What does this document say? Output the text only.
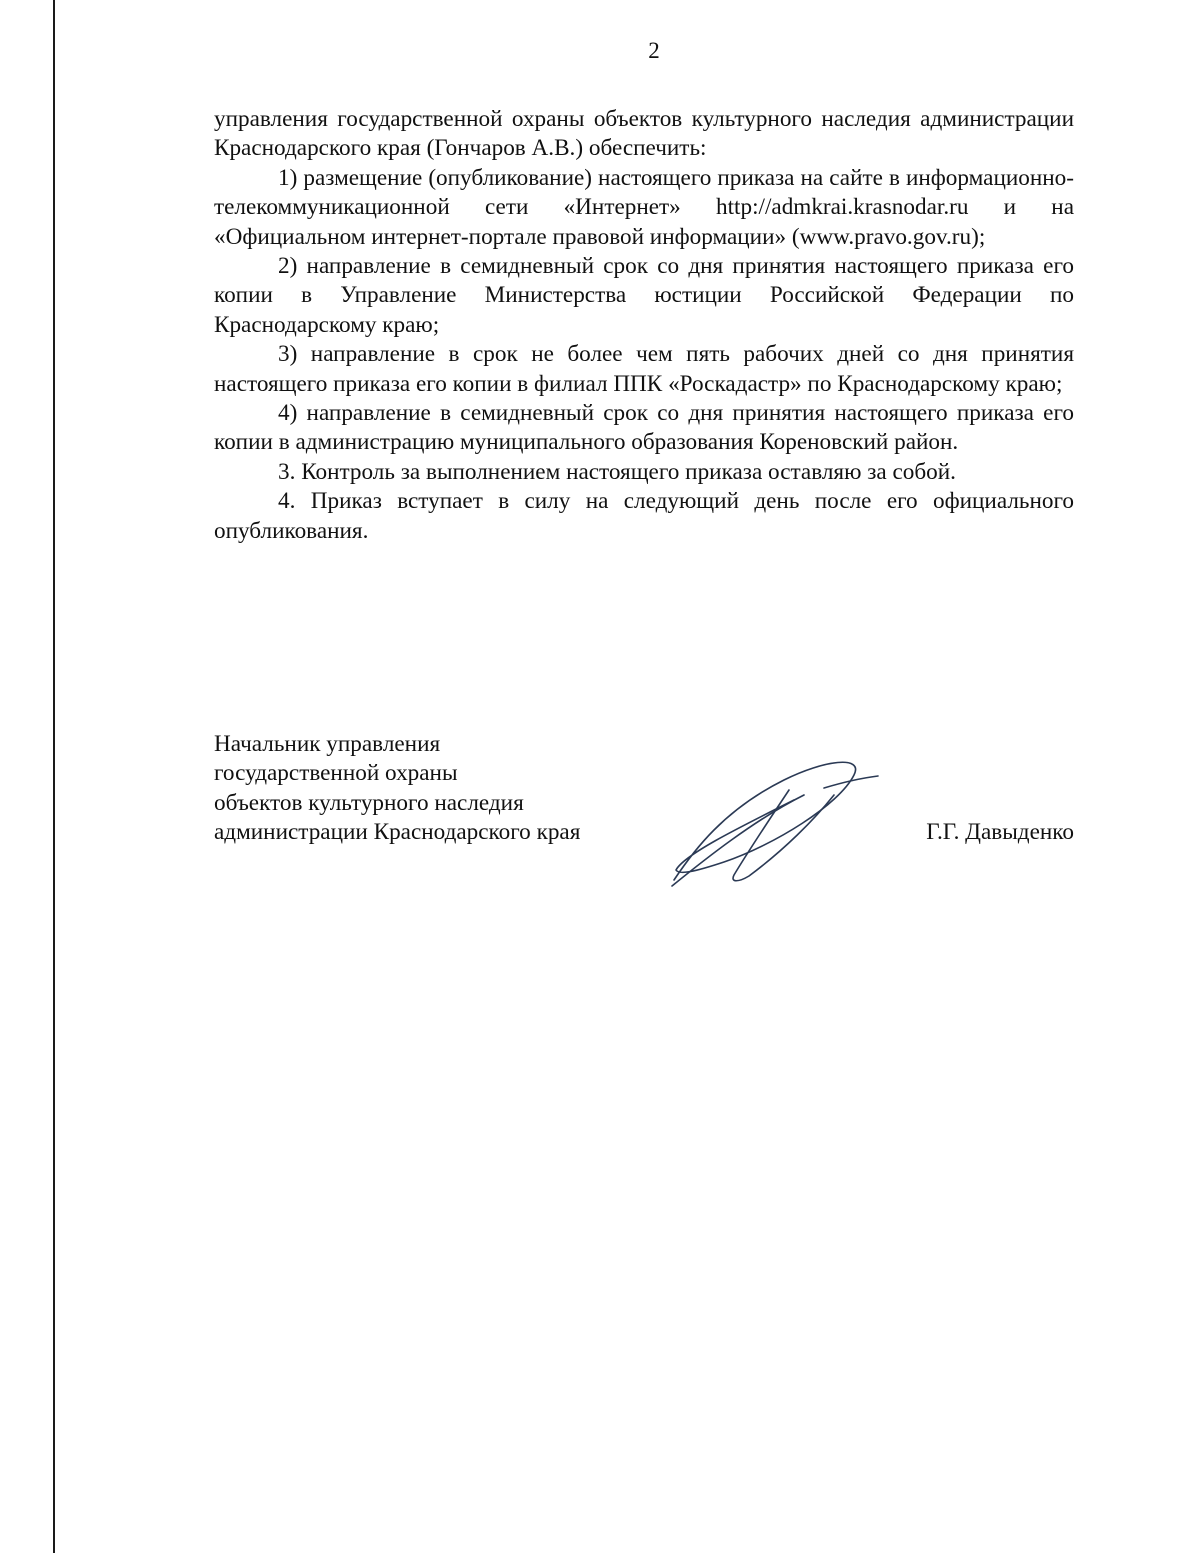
2

управления государственной охраны объектов культурного наследия администрации Краснодарского края (Гончаров А.В.) обеспечить:

1) размещение (опубликование) настоящего приказа на сайте в информационно-телекоммуникационной сети «Интернет» http://admkrai.krasnodar.ru и на «Официальном интернет-портале правовой информации» (www.pravo.gov.ru);

2) направление в семидневный срок со дня принятия настоящего приказа его копии в Управление Министерства юстиции Российской Федерации по Краснодарскому краю;

3) направление в срок не более чем пять рабочих дней со дня принятия настоящего приказа его копии в филиал ППК «Роскадастр» по Краснодарскому краю;

4) направление в семидневный срок со дня принятия настоящего приказа его копии в администрацию муниципального образования Кореновский район.

3. Контроль за выполнением настоящего приказа оставляю за собой.

4. Приказ вступает в силу на следующий день после его официального опубликования.

Начальник управления
государственной охраны
объектов культурного наследия
администрации Краснодарского края	Г.Г. Давыденко
